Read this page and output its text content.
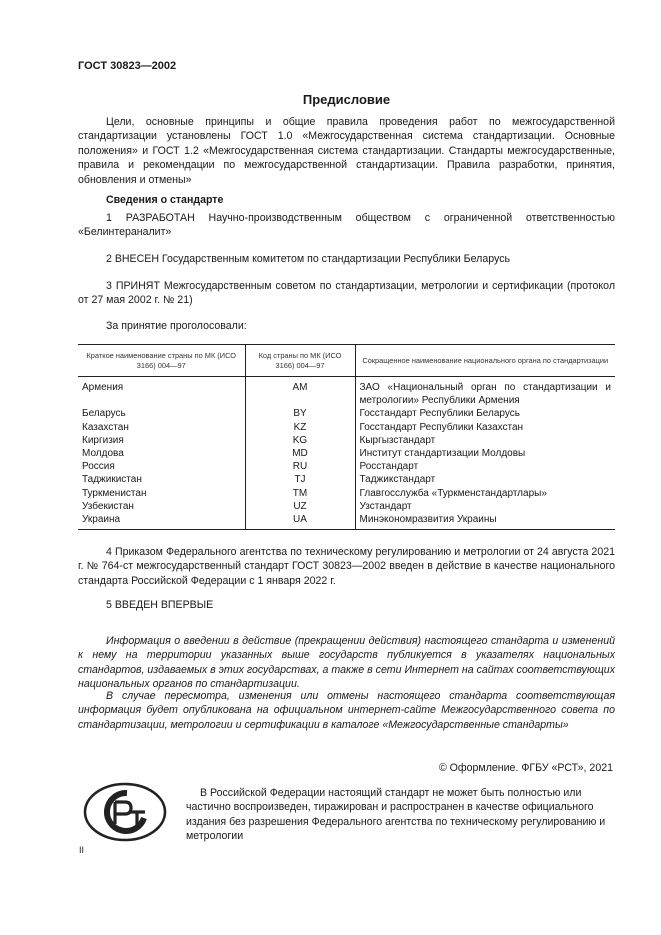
ГОСТ 30823—2002
Предисловие
Цели, основные принципы и общие правила проведения работ по межгосударственной стандартизации установлены ГОСТ 1.0 «Межгосударственная система стандартизации. Основные положения» и ГОСТ 1.2 «Межгосударственная система стандартизации. Стандарты межгосударственные, правила и рекомендации по межгосударственной стандартизации. Правила разработки, принятия, обновления и отмены»
Сведения о стандарте
1 РАЗРАБОТАН Научно-производственным обществом с ограниченной ответственностью «Белинтераналит»
2 ВНЕСЕН Государственным комитетом по стандартизации Республики Беларусь
3 ПРИНЯТ Межгосударственным советом по стандартизации, метрологии и сертификации (протокол от 27 мая 2002 г. № 21)
За принятие проголосовали:
Краткое наименование страны по МК (ИСО 3166) 004—97	Код страны по МК (ИСО 3166) 004—97	Сокращенное наименование национального органа по стандартизации
Армения	AM	ЗАО «Национальный орган по стандартизации и метрологии» Республики Армения
Беларусь	BY	Госстандарт Республики Беларусь
Казахстан	KZ	Госстандарт Республики Казахстан
Киргизия	KG	Кыргызстандарт
Молдова	MD	Институт стандартизации Молдовы
Россия	RU	Росстандарт
Таджикистан	TJ	Таджикстандарт
Туркменистан	TM	Главгосслужба «Туркменстандартлары»
Узбекистан	UZ	Узстандарт
Украина	UA	Минэкономразвития Украины
4 Приказом Федерального агентства по техническому регулированию и метрологии от 24 августа 2021 г. № 764-ст межгосударственный стандарт ГОСТ 30823—2002 введен в действие в качестве национального стандарта Российской Федерации с 1 января 2022 г.
5 ВВЕДЕН ВПЕРВЫЕ
Информация о введении в действие (прекращении действия) настоящего стандарта и изменений к нему на территории указанных выше государств публикуется в указателях национальных стандартов, издаваемых в этих государствах, а также в сети Интернет на сайтах соответствующих национальных органов по стандартизации.
В случае пересмотра, изменения или отмены настоящего стандарта соответствующая информация будет опубликована на официальном интернет-сайте Межгосударственного совета по стандартизации, метрологии и сертификации в каталоге «Межгосударственные стандарты»
© Оформление. ФГБУ «РСТ», 2021
В Российской Федерации настоящий стандарт не может быть полностью или частично воспроизведен, тиражирован и распространен в качестве официального издания без разрешения Федерального агентства по техническому регулированию и метрологии
II
